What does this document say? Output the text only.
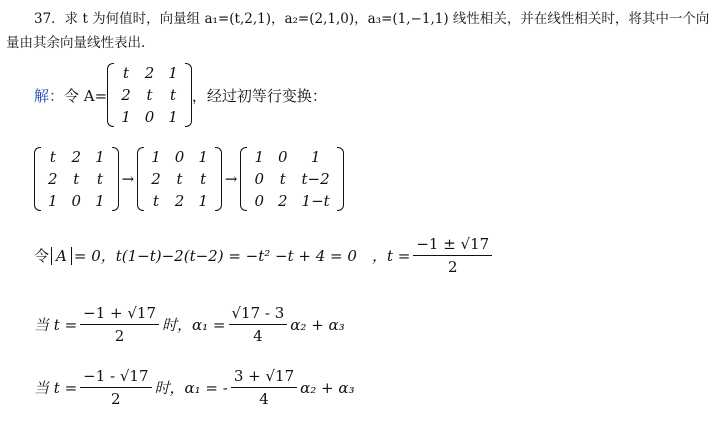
37．求 t 为何值时，向量组 a₁=(t,2,1)，a₂=(2,1,0)，a₃=(1,−1,1) 线性相关，并在线性相关时，将其中一个向
量由其余向量线性表出.
解： 令 A=
t	2	1
2	t	t
1	0	1
，经过初等行变换：
t	2	1
2	t	t
1	0	1
→
1	0	1
2	t	t
t	2	1
→
1	0	1
0	t	t−2
0	2	1−t
令 A = 0，t(1−t)−2(t−2) = −t² −t + 4 = 0　，$t = \frac{-1 \pm √17}{2}$
当 $t = \frac{-1 + √17}{2}$ 时，$\alpha_1 = \frac{√17 - 3}{4} \alpha_2 + \alpha_3$
当 $t = \frac{-1 - √17}{2}$ 时，α₁ = - $\frac{3 + √17}{4} \alpha_2 + \alpha_3$
